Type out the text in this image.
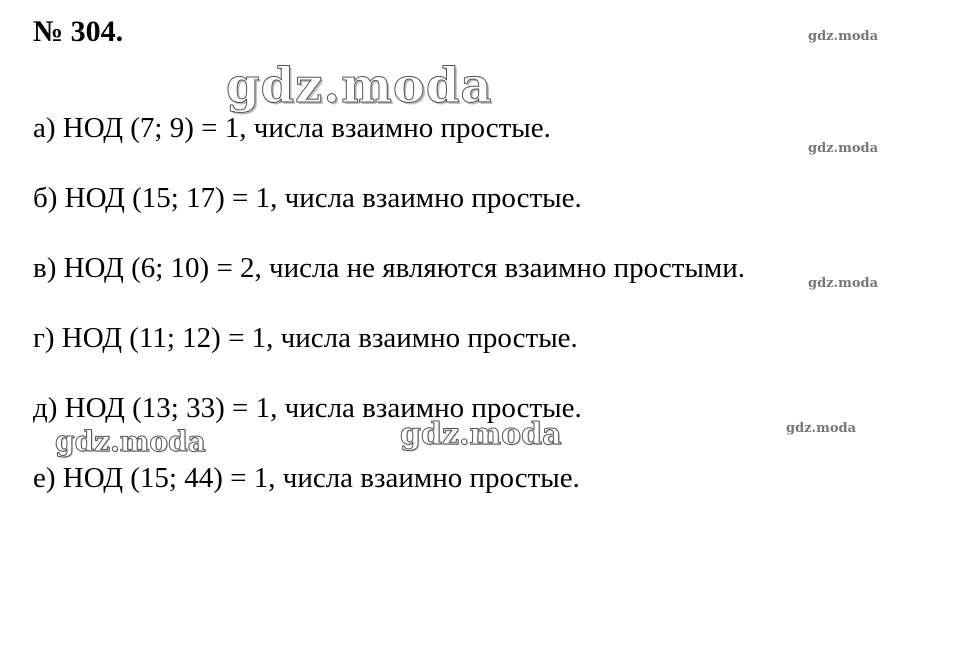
№ 304.
а) НОД (7; 9) = 1, числа взаимно простые.
б) НОД (15; 17) = 1, числа взаимно простые.
в) НОД (6; 10) = 2, числа не являются взаимно простыми.
г) НОД (11; 12) = 1, числа взаимно простые.
д) НОД (13; 33) = 1, числа взаимно простые.
е) НОД (15; 44) = 1, числа взаимно простые.
gdz.moda
gdz.moda
gdz.moda
gdz.moda
gdz.moda
gdz.moda
gdz.moda
